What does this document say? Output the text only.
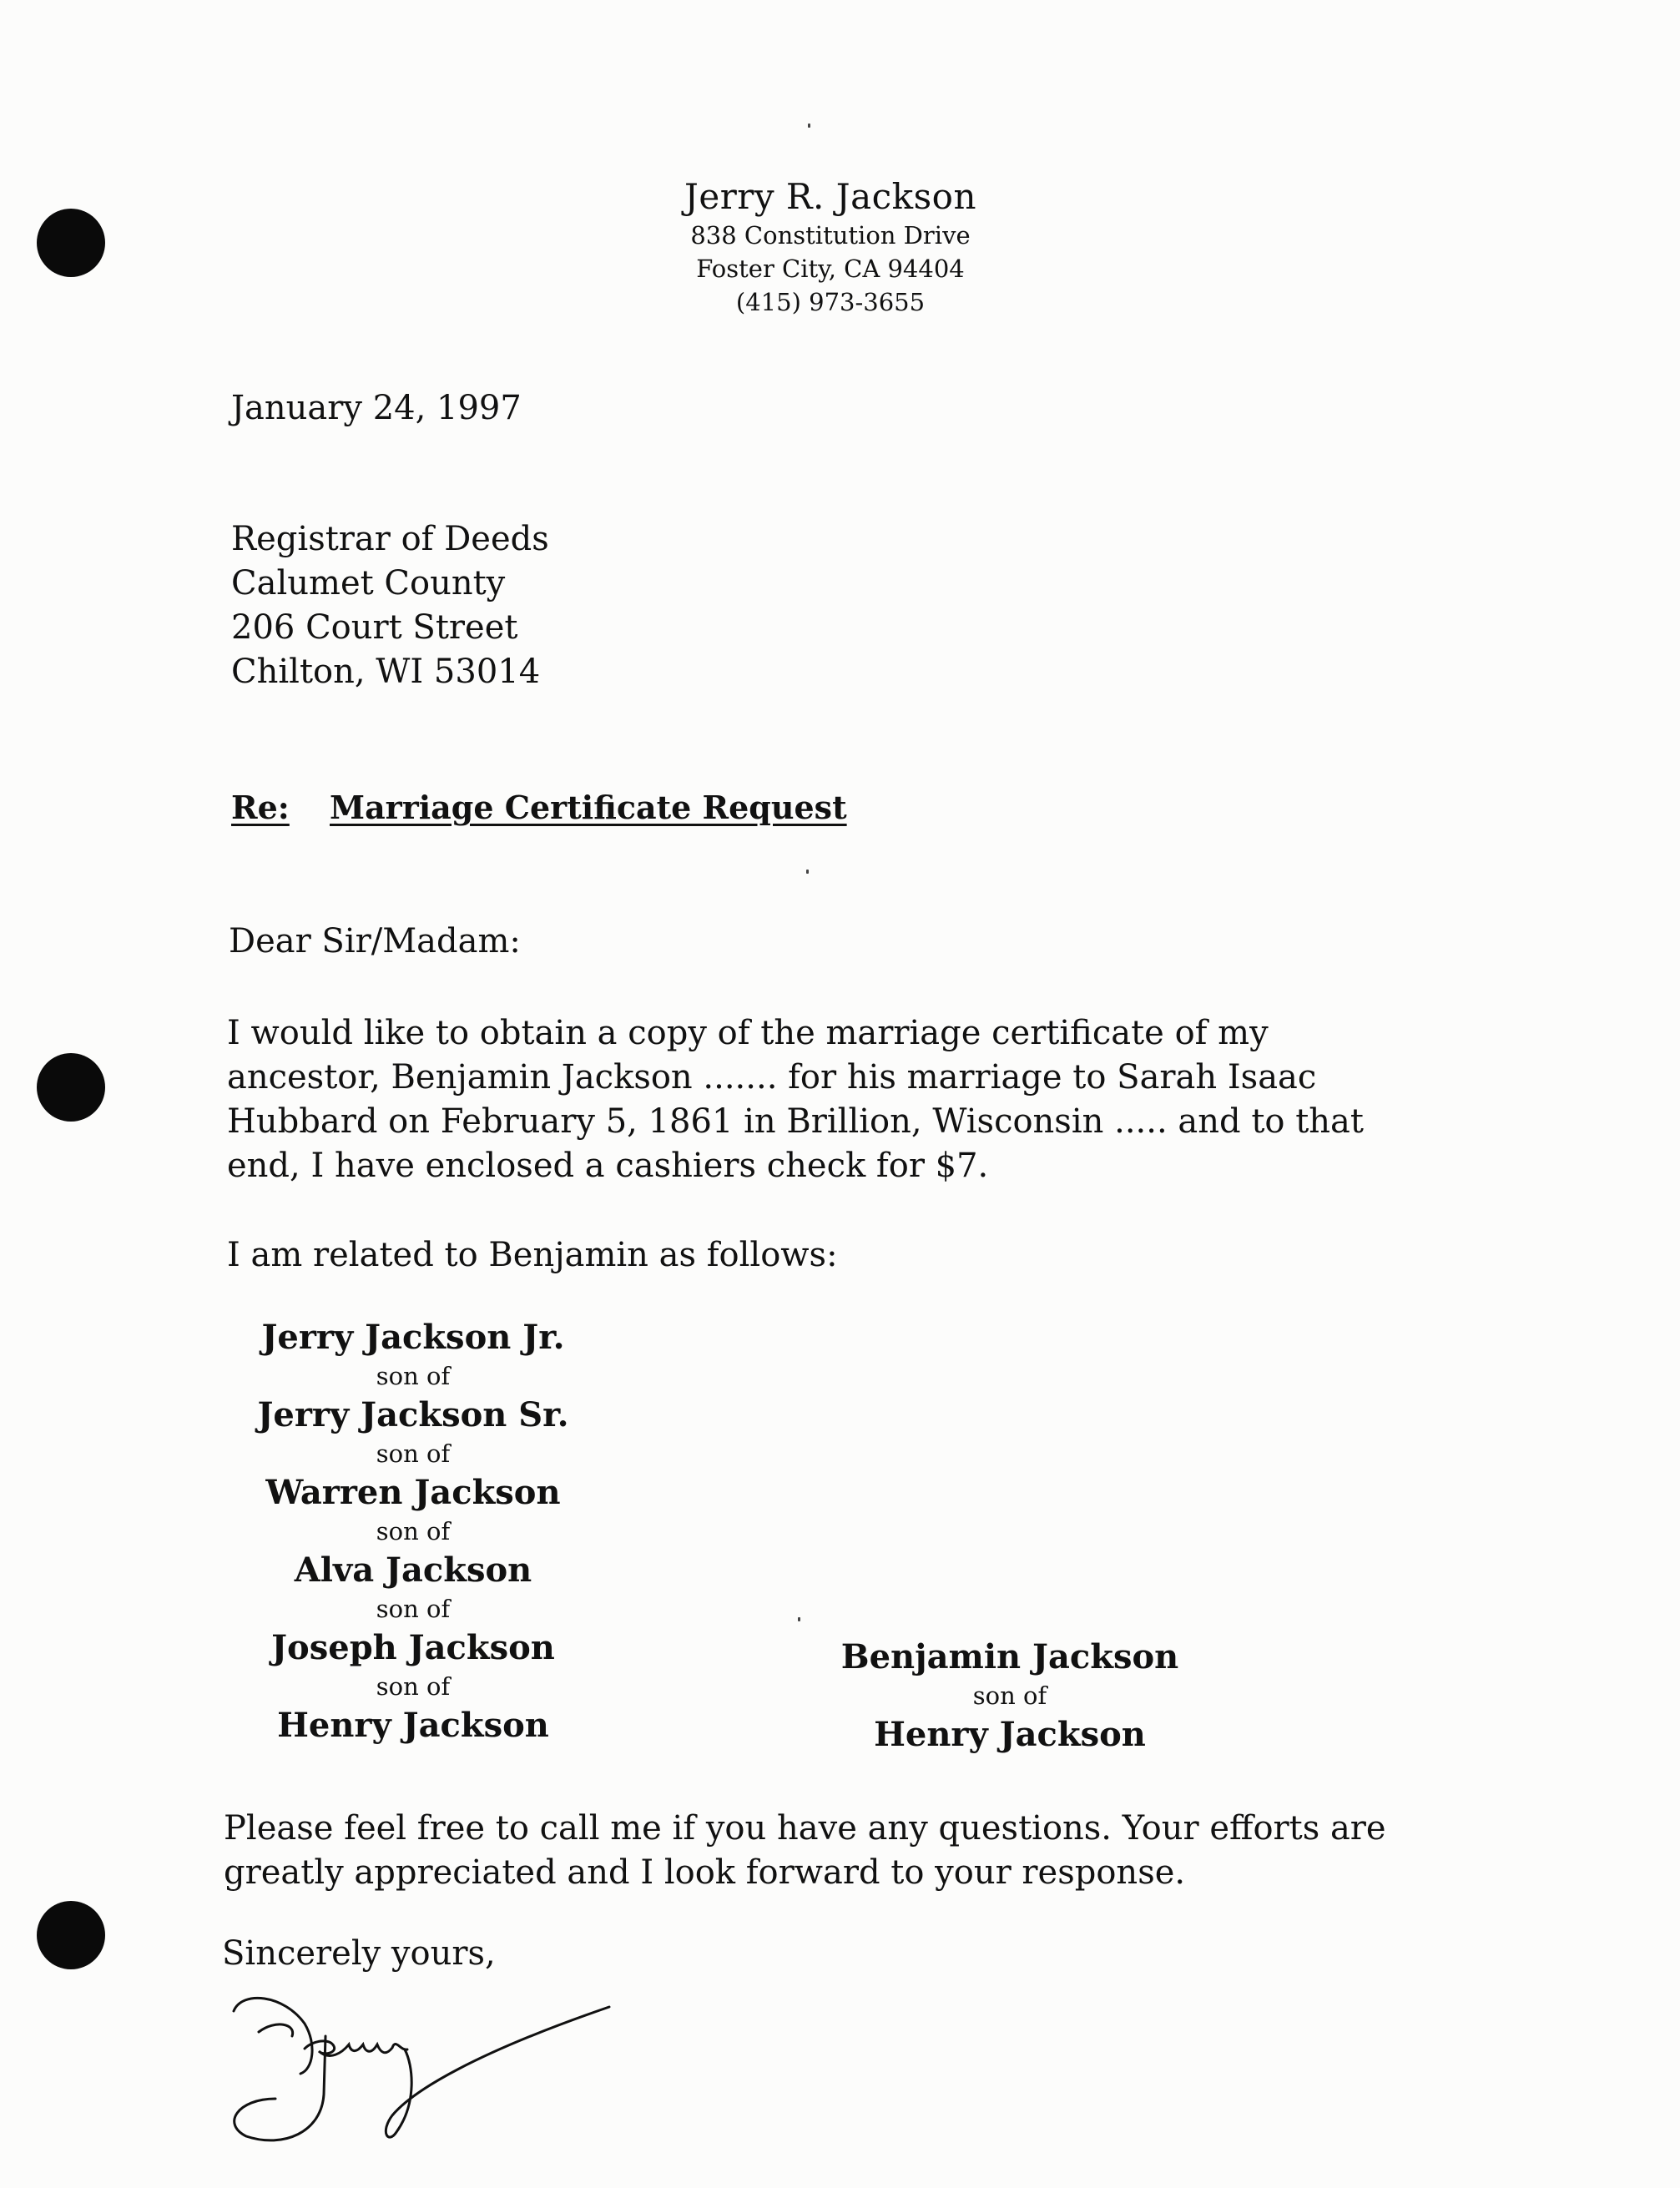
Jerry R. Jackson
838 Constitution Drive
Foster City, CA 94404
(415) 973-3655
January 24, 1997
Registrar of Deeds
Calumet County
206 Court Street
Chilton, WI 53014
Re: Marriage Certificate Request
Dear Sir/Madam:
I would like to obtain a copy of the marriage certificate of my
ancestor, Benjamin Jackson ....... for his marriage to Sarah Isaac
Hubbard on February 5, 1861 in Brillion, Wisconsin ..... and to that
end, I have enclosed a cashiers check for $7.
I am related to Benjamin as follows:
Jerry Jackson Jr.
son of
Jerry Jackson Sr.
son of
Warren Jackson
son of
Alva Jackson
son of
Joseph Jackson
son of
Henry Jackson
Benjamin Jackson
son of
Henry Jackson
Please feel free to call me if you have any questions. Your efforts are
greatly appreciated and I look forward to your response.
Sincerely yours,
